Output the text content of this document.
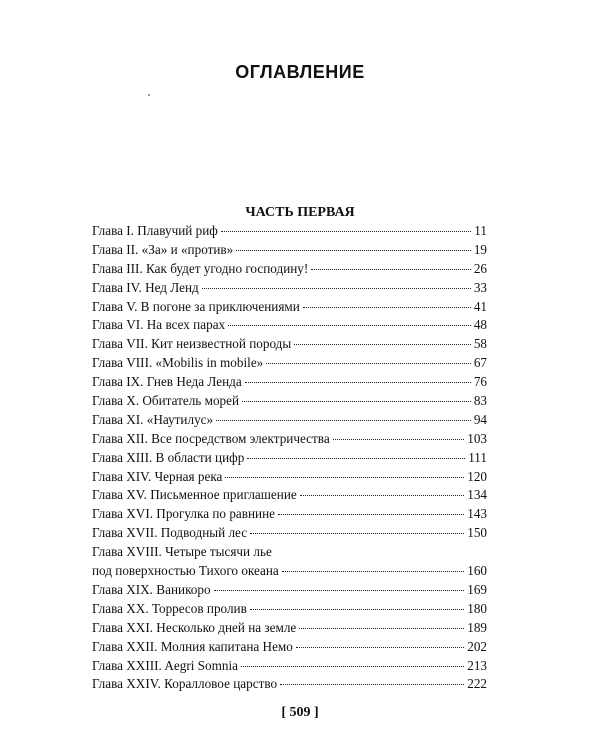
ОГЛАВЛЕНИЕ
ЧАСТЬ ПЕРВАЯ
Глава I. Плавучий риф	11
Глава II. «За» и «против»	19
Глава III. Как будет угодно господину!	26
Глава IV. Нед Ленд	33
Глава V. В погоне за приключениями	41
Глава VI. На всех парах	48
Глава VII. Кит неизвестной породы	58
Глава VIII. «Mobilis in mobile»	67
Глава IX. Гнев Неда Ленда	76
Глава X. Обитатель морей	83
Глава XI. «Наутилус»	94
Глава XII. Все посредством электричества	103
Глава XIII. В области цифр	111
Глава XIV. Черная река	120
Глава XV. Письменное приглашение	134
Глава XVI. Прогулка по равнине	143
Глава XVII. Подводный лес	150
Глава XVIII. Четыре тысячи лье
под поверхностью Тихого океана	160
Глава XIX. Ваникоро	169
Глава XX. Торресов пролив	180
Глава XXI. Несколько дней на земле	189
Глава XXII. Молния капитана Немо	202
Глава XXIII. Aegri Somnia	213
Глава XXIV. Коралловое царство	222
[ 509 ]
